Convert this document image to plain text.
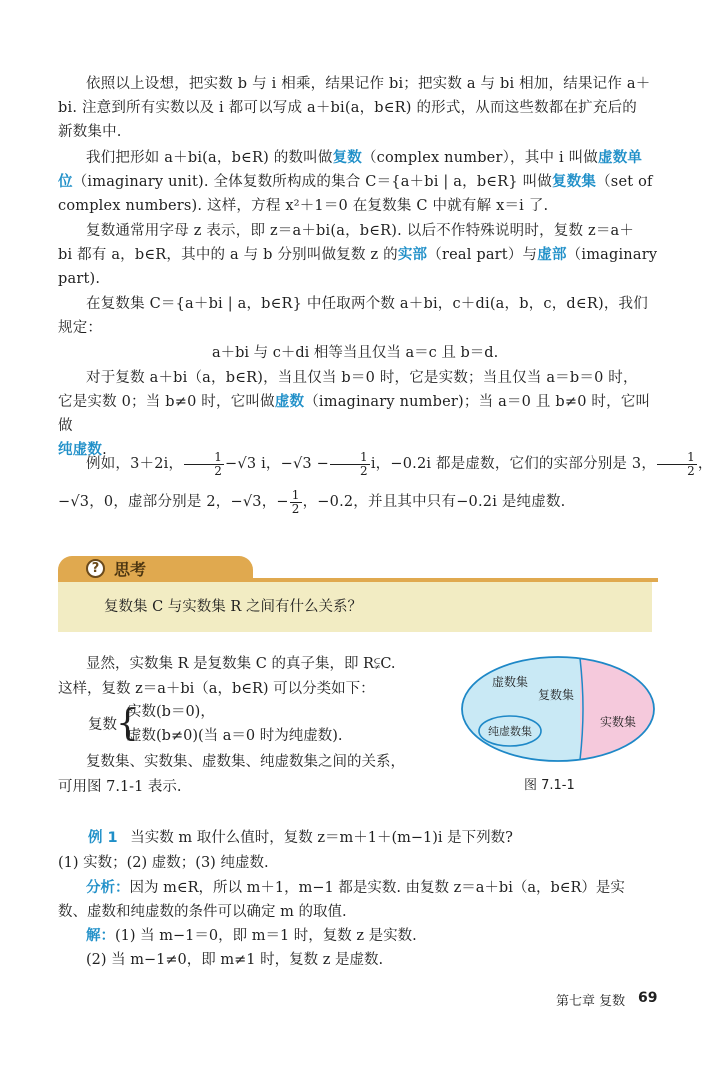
依照以上设想，把实数 b 与 i 相乘，结果记作 bi；把实数 a 与 bi 相加，结果记作 a＋
bi. 注意到所有实数以及 i 都可以写成 a＋bi(a，b∈R) 的形式，从而这些数都在扩充后的
新数集中.
我们把形如 a＋bi(a，b∈R) 的数叫做复数（complex number），其中 i 叫做虚数单
位（imaginary unit). 全体复数所构成的集合 C＝{a＋bi | a，b∈R} 叫做复数集（set of
complex numbers). 这样，方程 x²＋1＝0 在复数集 C 中就有解 x＝i 了.
复数通常用字母 z 表示，即 z＝a＋bi(a，b∈R). 以后不作特殊说明时，复数 z＝a＋
bi 都有 a，b∈R，其中的 a 与 b 分别叫做复数 z 的实部（real part）与虚部（imaginary
part).
在复数集 C＝{a＋bi | a，b∈R} 中任取两个数 a＋bi，c＋di(a，b，c，d∈R)，我们
规定：
a＋bi 与 c＋di 相等当且仅当 a＝c 且 b＝d.
对于复数 a＋bi（a，b∈R)，当且仅当 b＝0 时，它是实数；当且仅当 a＝b＝0 时，
它是实数 0；当 b≠0 时，它叫做虚数（imaginary number)；当 a＝0 且 b≠0 时，它叫做
纯虚数.
例如，3＋2i， $\frac{1}{2} -√3$ i，$-√3 - \frac{1}{2}$ i，−0.2i 都是虚数，它们的实部分别是 3， $\frac{1}{2}$ ，
−√3，0，虚部分别是 2，−√3，− $\frac{1}{2}$ ，−0.2，并且其中只有−0.2i 是纯虚数.
? 思考
复数集 C 与实数集 R 之间有什么关系？
显然，实数集 R 是复数集 C 的真子集，即 R⫋C.
这样，复数 z＝a＋bi（a，b∈R) 可以分类如下：
复数 {
实数(b＝0)，
虚数(b≠0)(当 a＝0 时为纯虚数).
复数集、实数集、虚数集、纯虚数集之间的关系，
可用图 7.1-1 表示.
虚数集
复数集
实数集
纯虚数集
图 7.1-1
例 1 当实数 m 取什么值时，复数 z＝m＋1＋(m−1)i 是下列数?
(1) 实数；(2) 虚数；(3) 纯虚数.
分析：因为 m∈R，所以 m＋1，m−1 都是实数. 由复数 z＝a＋bi（a，b∈R）是实
数、虚数和纯虚数的条件可以确定 m 的取值.
解：(1) 当 m−1＝0，即 m＝1 时，复数 z 是实数.
(2) 当 m−1≠0，即 m≠1 时，复数 z 是虚数.
第七章 复数 69
